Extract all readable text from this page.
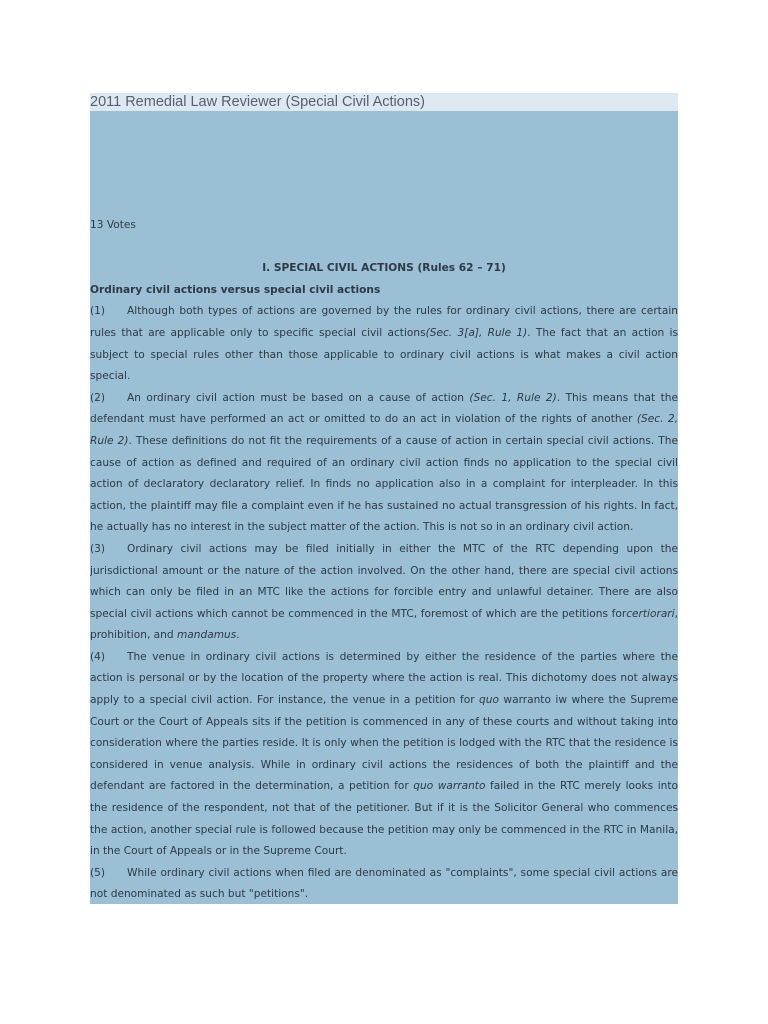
2011 Remedial Law Reviewer (Special Civil Actions)

13 Votes

I. SPECIAL CIVIL ACTIONS (Rules 62 – 71)

Ordinary civil actions versus special civil actions

(1) Although both types of actions are governed by the rules for ordinary civil actions, there are certain rules that are applicable only to specific special civil actions(Sec. 3[a], Rule 1). The fact that an action is subject to special rules other than those applicable to ordinary civil actions is what makes a civil action special.

(2) An ordinary civil action must be based on a cause of action (Sec. 1, Rule 2). This means that the defendant must have performed an act or omitted to do an act in violation of the rights of another (Sec. 2, Rule 2). These definitions do not fit the requirements of a cause of action in certain special civil actions. The cause of action as defined and required of an ordinary civil action finds no application to the special civil action of declaratory declaratory relief. In finds no application also in a complaint for interpleader. In this action, the plaintiff may file a complaint even if he has sustained no actual transgression of his rights. In fact, he actually has no interest in the subject matter of the action. This is not so in an ordinary civil action.

(3) Ordinary civil actions may be filed initially in either the MTC of the RTC depending upon the jurisdictional amount or the nature of the action involved. On the other hand, there are special civil actions which can only be filed in an MTC like the actions for forcible entry and unlawful detainer. There are also special civil actions which cannot be commenced in the MTC, foremost of which are the petitions forcertiorari, prohibition, and mandamus.

(4) The venue in ordinary civil actions is determined by either the residence of the parties where the action is personal or by the location of the property where the action is real. This dichotomy does not always apply to a special civil action. For instance, the venue in a petition for quo warranto iw where the Supreme Court or the Court of Appeals sits if the petition is commenced in any of these courts and without taking into consideration where the parties reside. It is only when the petition is lodged with the RTC that the residence is considered in venue analysis. While in ordinary civil actions the residences of both the plaintiff and the defendant are factored in the determination, a petition for quo warranto failed in the RTC merely looks into the residence of the respondent, not that of the petitioner. But if it is the Solicitor General who commences the action, another special rule is followed because the petition may only be commenced in the RTC in Manila, in the Court of Appeals or in the Supreme Court.

(5) While ordinary civil actions when filed are denominated as "complaints", some special civil actions are not denominated as such but "petitions".
